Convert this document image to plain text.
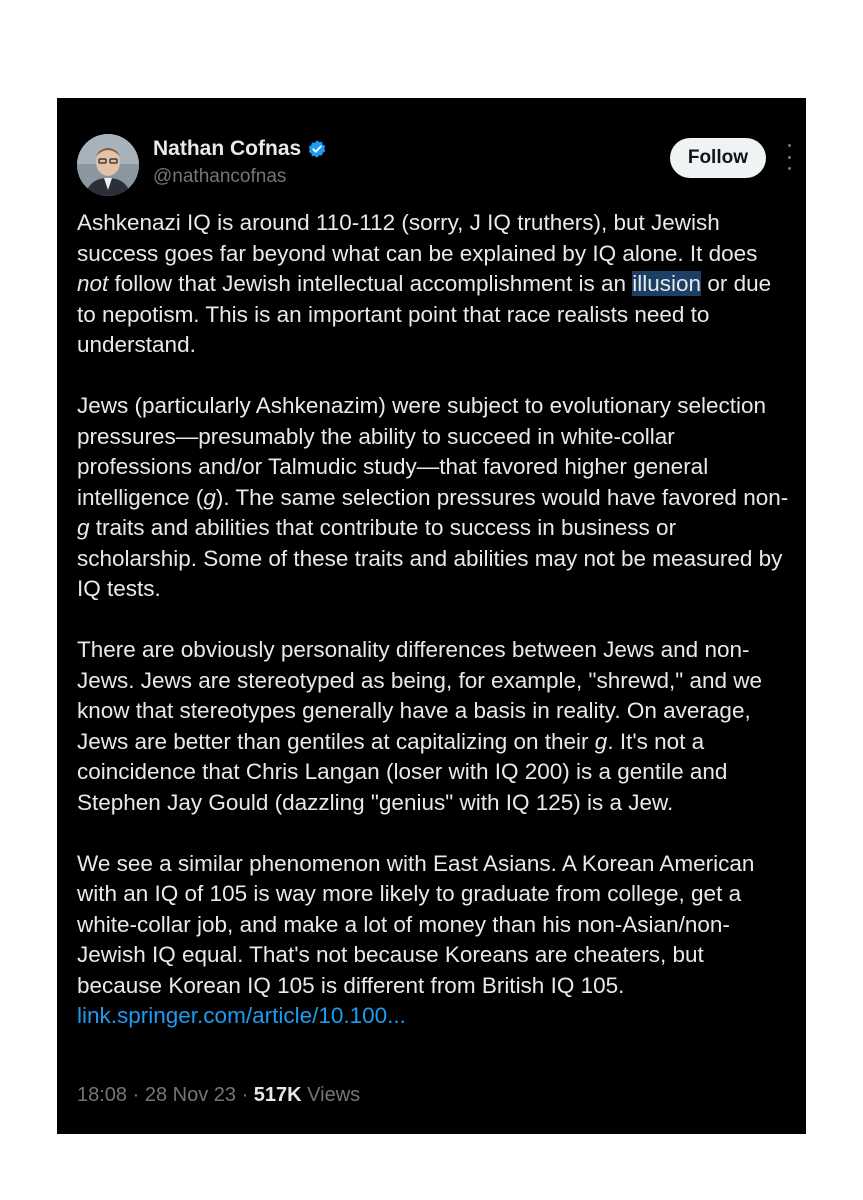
Nathan Cofnas
@nathancofnas
Follow

Ashkenazi IQ is around 110-112 (sorry, J IQ truthers), but Jewish success goes far beyond what can be explained by IQ alone. It does not follow that Jewish intellectual accomplishment is an illusion or due to nepotism. This is an important point that race realists need to understand.

Jews (particularly Ashkenazim) were subject to evolutionary selection pressures—presumably the ability to succeed in white-collar professions and/or Talmudic study—that favored higher general intelligence (g). The same selection pressures would have favored non-g traits and abilities that contribute to success in business or scholarship. Some of these traits and abilities may not be measured by IQ tests.

There are obviously personality differences between Jews and non-Jews. Jews are stereotyped as being, for example, "shrewd," and we know that stereotypes generally have a basis in reality. On average, Jews are better than gentiles at capitalizing on their g. It's not a coincidence that Chris Langan (loser with IQ 200) is a gentile and Stephen Jay Gould (dazzling "genius" with IQ 125) is a Jew.

We see a similar phenomenon with East Asians. A Korean American with an IQ of 105 is way more likely to graduate from college, get a white-collar job, and make a lot of money than his non-Asian/non-Jewish IQ equal. That's not because Koreans are cheaters, but because Korean IQ 105 is different from British IQ 105. link.springer.com/article/10.100...

18:08 · 28 Nov 23 · 517K Views
